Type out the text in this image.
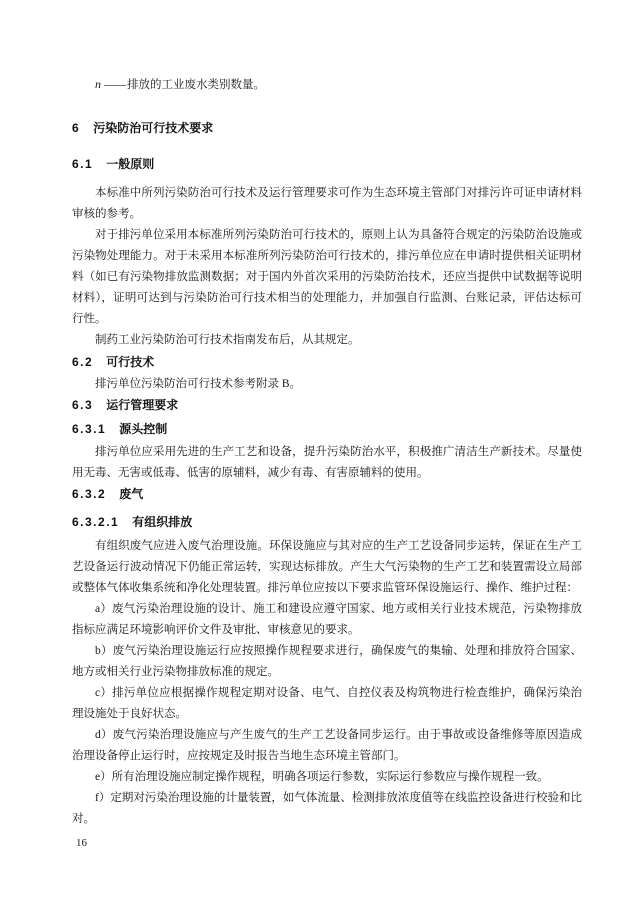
n —— 排放的工业废水类别数量。

6 污染防治可行技术要求
6.1 一般原则

本标准中所列污染防治可行技术及运行管理要求可作为生态环境主管部门对排污许可证申请材料审核的参考。

对于排污单位采用本标准所列污染防治可行技术的，原则上认为具备符合规定的污染防治设施或污染物处理能力。对于未采用本标准所列污染防治可行技术的，排污单位应在申请时提供相关证明材料（如已有污染物排放监测数据；对于国内外首次采用的污染防治技术，还应当提供中试数据等说明材料），证明可达到与污染防治可行技术相当的处理能力，并加强自行监测、台账记录，评估达标可行性。

制药工业污染防治可行技术指南发布后，从其规定。

6.2 可行技术

排污单位污染防治可行技术参考附录 B。

6.3 运行管理要求
6.3.1 源头控制

排污单位应采用先进的生产工艺和设备，提升污染防治水平，积极推广清洁生产新技术。尽量使用无毒、无害或低毒、低害的原辅料，减少有毒、有害原辅料的使用。

6.3.2 废气
6.3.2.1 有组织排放

有组织废气应进入废气治理设施。环保设施应与其对应的生产工艺设备同步运转，保证在生产工艺设备运行波动情况下仍能正常运转，实现达标排放。产生大气污染物的生产工艺和装置需设立局部或整体气体收集系统和净化处理装置。排污单位应按以下要求监管环保设施运行、操作、维护过程：

a）废气污染治理设施的设计、施工和建设应遵守国家、地方或相关行业技术规范，污染物排放指标应满足环境影响评价文件及审批、审核意见的要求。

b）废气污染治理设施运行应按照操作规程要求进行，确保废气的集输、处理和排放符合国家、地方或相关行业污染物排放标准的规定。

c）排污单位应根据操作规程定期对设备、电气、自控仪表及构筑物进行检查维护，确保污染治理设施处于良好状态。

d）废气污染治理设施应与产生废气的生产工艺设备同步运行。由于事故或设备维修等原因造成治理设备停止运行时，应按规定及时报告当地生态环境主管部门。

e）所有治理设施应制定操作规程，明确各项运行参数，实际运行参数应与操作规程一致。

f）定期对污染治理设施的计量装置，如气体流量、检测排放浓度值等在线监控设备进行校验和比对。

16
